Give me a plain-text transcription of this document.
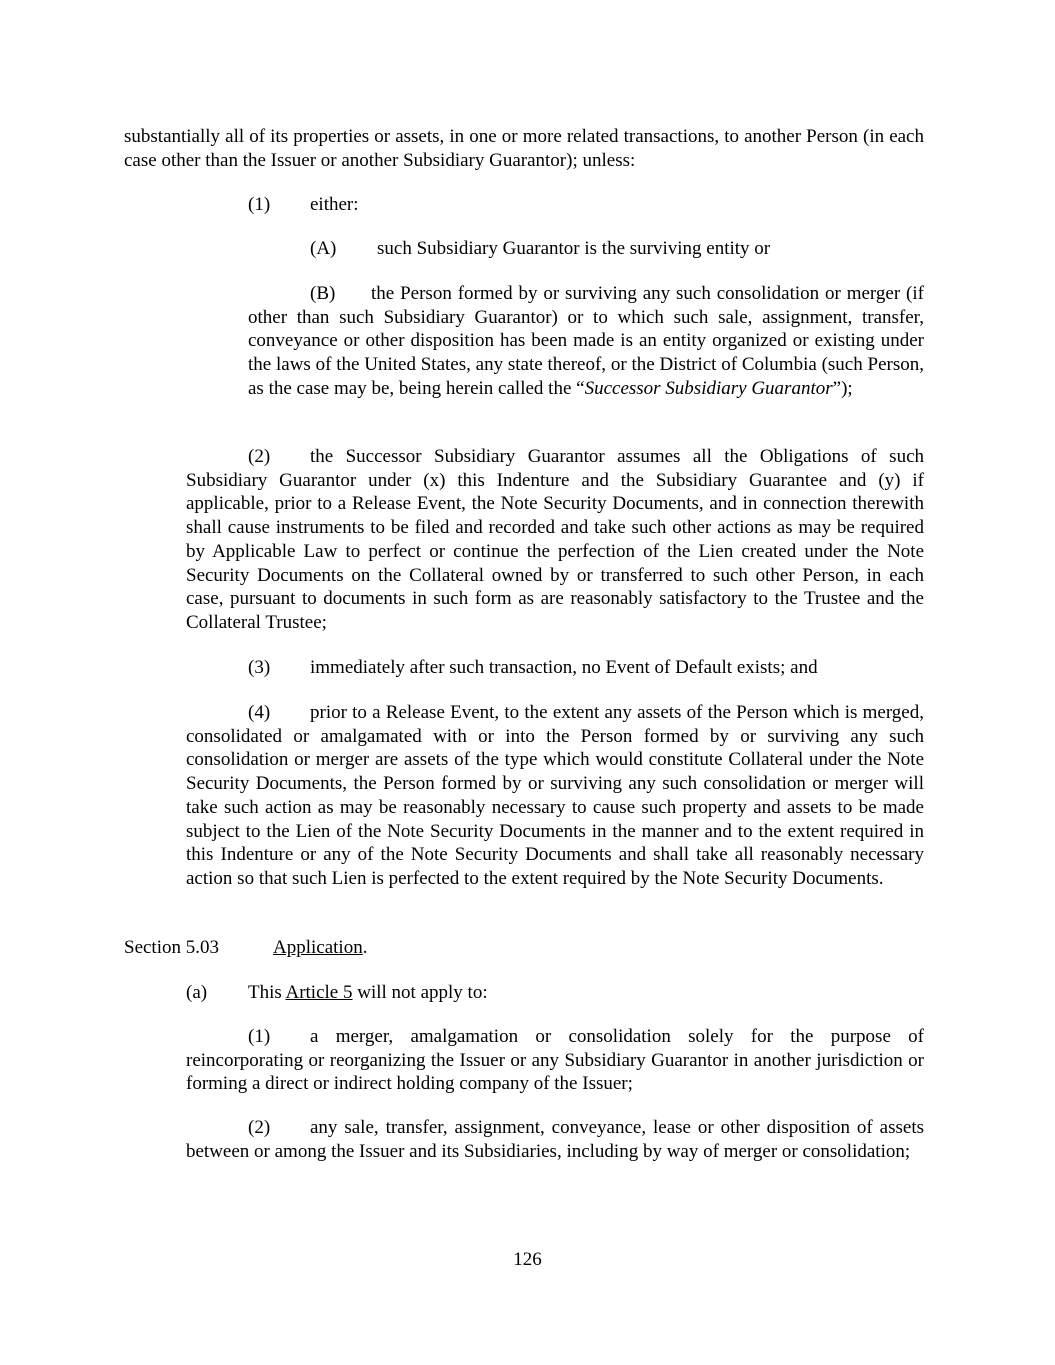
substantially all of its properties or assets, in one or more related transactions, to another Person (in each case other than the Issuer or another Subsidiary Guarantor); unless:

(1) either:

(A) such Subsidiary Guarantor is the surviving entity or

(B) the Person formed by or surviving any such consolidation or merger (if other than such Subsidiary Guarantor) or to which such sale, assignment, transfer, conveyance or other disposition has been made is an entity organized or existing under the laws of the United States, any state thereof, or the District of Columbia (such Person, as the case may be, being herein called the “Successor Subsidiary Guarantor”);

(2) the Successor Subsidiary Guarantor assumes all the Obligations of such Subsidiary Guarantor under (x) this Indenture and the Subsidiary Guarantee and (y) if applicable, prior to a Release Event, the Note Security Documents, and in connection therewith shall cause instruments to be filed and recorded and take such other actions as may be required by Applicable Law to perfect or continue the perfection of the Lien created under the Note Security Documents on the Collateral owned by or transferred to such other Person, in each case, pursuant to documents in such form as are reasonably satisfactory to the Trustee and the Collateral Trustee;

(3) immediately after such transaction, no Event of Default exists; and

(4) prior to a Release Event, to the extent any assets of the Person which is merged, consolidated or amalgamated with or into the Person formed by or surviving any such consolidation or merger are assets of the type which would constitute Collateral under the Note Security Documents, the Person formed by or surviving any such consolidation or merger will take such action as may be reasonably necessary to cause such property and assets to be made subject to the Lien of the Note Security Documents in the manner and to the extent required in this Indenture or any of the Note Security Documents and shall take all reasonably necessary action so that such Lien is perfected to the extent required by the Note Security Documents.

Section 5.03	Application.

(a) This Article 5 will not apply to:

(1) a merger, amalgamation or consolidation solely for the purpose of reincorporating or reorganizing the Issuer or any Subsidiary Guarantor in another jurisdiction or forming a direct or indirect holding company of the Issuer;

(2) any sale, transfer, assignment, conveyance, lease or other disposition of assets between or among the Issuer and its Subsidiaries, including by way of merger or consolidation;

126
